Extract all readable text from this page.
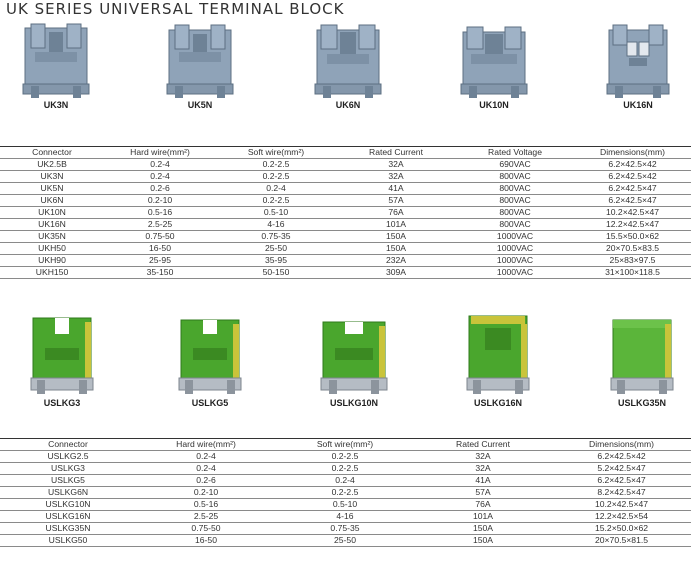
UK SERIES UNIVERSAL TERMINAL BLOCK
UK3N	UK5N	UK6N	UK10N	UK16N
Connector	Hard wire(mm²)	Soft wire(mm²)	Rated Current	Rated Voltage	Dimensions(mm)
UK2.5B	0.2-4	0.2-2.5	32A	690VAC	6.2×42.5×42
UK3N	0.2-4	0.2-2.5	32A	800VAC	6.2×42.5×42
UK5N	0.2-6	0.2-4	41A	800VAC	6.2×42.5×47
UK6N	0.2-10	0.2-2.5	57A	800VAC	6.2×42.5×47
UK10N	0.5-16	0.5-10	76A	800VAC	10.2×42.5×47
UK16N	2.5-25	4-16	101A	800VAC	12.2×42.5×47
UK35N	0.75-50	0.75-35	150A	1000VAC	15.5×50.0×62
UKH50	16-50	25-50	150A	1000VAC	20×70.5×83.5
UKH90	25-95	35-95	232A	1000VAC	25×83×97.5
UKH150	35-150	50-150	309A	1000VAC	31×100×118.5
USLKG3	USLKG5	USLKG10N	USLKG16N	USLKG35N
Connector	Hard wire(mm²)	Soft wire(mm²)	Rated Current	Dimensions(mm)
USLKG2.5	0.2-4	0.2-2.5	32A	6.2×42.5×42
USLKG3	0.2-4	0.2-2.5	32A	5.2×42.5×47
USLKG5	0.2-6	0.2-4	41A	6.2×42.5×47
USLKG6N	0.2-10	0.2-2.5	57A	8.2×42.5×47
USLKG10N	0.5-16	0.5-10	76A	10.2×42.5×47
USLKG16N	2.5-25	4-16	101A	12.2×42.5×54
USLKG35N	0.75-50	0.75-35	150A	15.2×50.0×62
USLKG50	16-50	25-50	150A	20×70.5×81.5
